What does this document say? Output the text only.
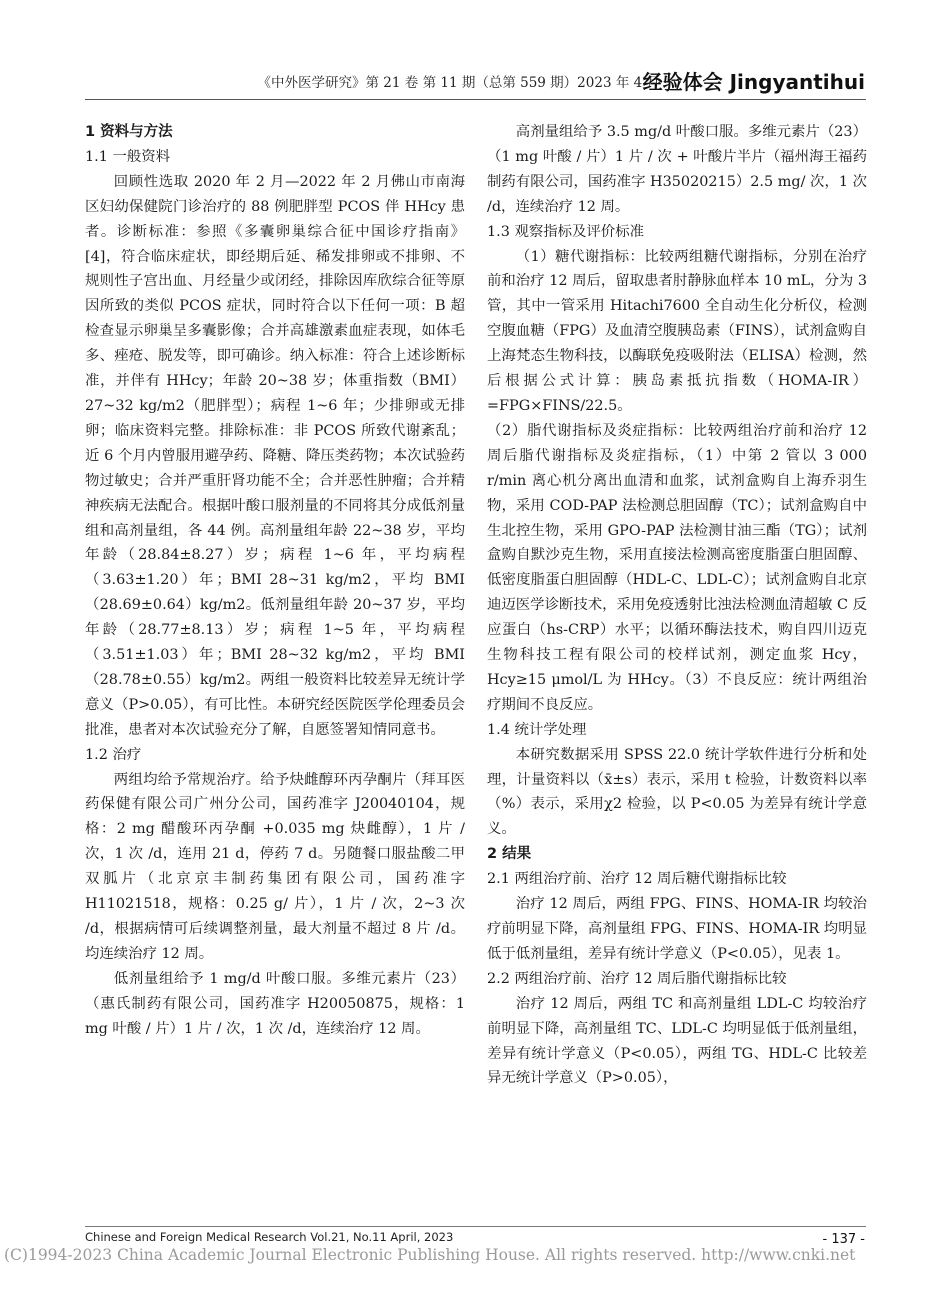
《中外医学研究》第 21 卷 第 11 期（总第 559 期）2023 年 4 月
经验体会 Jingyantihui

1 资料与方法

1.1 一般资料

回顾性选取 2020 年 2 月—2022 年 2 月佛山市南海区妇幼保健院门诊治疗的 88 例肥胖型 PCOS 伴 HHcy 患者。诊断标准：参照《多囊卵巢综合征中国诊疗指南》[4]，符合临床症状，即经期后延、稀发排卵或不排卵、不规则性子宫出血、月经量少或闭经，排除因库欣综合征等原因所致的类似 PCOS 症状，同时符合以下任何一项：B 超检查显示卵巢呈多囊影像；合并高雄激素血症表现，如体毛多、痤疮、脱发等，即可确诊。纳入标准：符合上述诊断标准，并伴有 HHcy；年龄 20~38 岁；体重指数（BMI）27~32 kg/m2（肥胖型）；病程 1~6 年；少排卵或无排卵；临床资料完整。排除标准：非 PCOS 所致代谢紊乱；近 6 个月内曾服用避孕药、降糖、降压类药物；本次试验药物过敏史；合并严重肝肾功能不全；合并恶性肿瘤；合并精神疾病无法配合。根据叶酸口服剂量的不同将其分成低剂量组和高剂量组，各 44 例。高剂量组年龄 22~38 岁，平均年龄（28.84±8.27）岁；病程 1~6 年，平均病程（3.63±1.20）年；BMI 28~31 kg/m2，平均 BMI（28.69±0.64）kg/m2。低剂量组年龄 20~37 岁，平均年龄（28.77±8.13）岁；病程 1~5 年，平均病程（3.51±1.03）年；BMI 28~32 kg/m2，平均 BMI（28.78±0.55）kg/m2。两组一般资料比较差异无统计学意义（P>0.05），有可比性。本研究经医院医学伦理委员会批准，患者对本次试验充分了解，自愿签署知情同意书。

1.2 治疗

两组均给予常规治疗。给予炔雌醇环丙孕酮片（拜耳医药保健有限公司广州分公司，国药准字 J20040104，规格：2 mg 醋酸环丙孕酮 +0.035 mg 炔雌醇），1 片 / 次，1 次 /d，连用 21 d，停药 7 d。另随餐口服盐酸二甲双胍片（北京京丰制药集团有限公司，国药准字 H11021518，规格：0.25 g/ 片），1 片 / 次，2~3 次 /d，根据病情可后续调整剂量，最大剂量不超过 8 片 /d。均连续治疗 12 周。

低剂量组给予 1 mg/d 叶酸口服。多维元素片（23）（惠氏制药有限公司，国药准字 H20050875，规格：1 mg 叶酸 / 片）1 片 / 次，1 次 /d，连续治疗 12 周。

高剂量组给予 3.5 mg/d 叶酸口服。多维元素片（23）（1 mg 叶酸 / 片）1 片 / 次 + 叶酸片半片（福州海王福药制药有限公司，国药准字 H35020215）2.5 mg/ 次，1 次 /d，连续治疗 12 周。

1.3 观察指标及评价标准

（1）糖代谢指标：比较两组糖代谢指标，分别在治疗前和治疗 12 周后，留取患者肘静脉血样本 10 mL，分为 3 管，其中一管采用 Hitachi7600 全自动生化分析仪，检测空腹血糖（FPG）及血清空腹胰岛素（FINS），试剂盒购自上海梵态生物科技，以酶联免疫吸附法（ELISA）检测，然后根据公式计算：胰岛素抵抗指数（HOMA-IR）=FPG×FINS/22.5。

（2）脂代谢指标及炎症指标：比较两组治疗前和治疗 12 周后脂代谢指标及炎症指标，（1）中第 2 管以 3 000 r/min 离心机分离出血清和血浆，试剂盒购自上海乔羽生物，采用 COD-PAP 法检测总胆固醇（TC）；试剂盒购自中生北控生物，采用 GPO-PAP 法检测甘油三酯（TG）；试剂盒购自默沙克生物，采用直接法检测高密度脂蛋白胆固醇、低密度脂蛋白胆固醇（HDL-C、LDL-C）；试剂盒购自北京迪迈医学诊断技术，采用免疫透射比浊法检测血清超敏 C 反应蛋白（hs-CRP）水平；以循环酶法技术，购自四川迈克生物科技工程有限公司的校样试剂，测定血浆 Hcy，Hcy≥15 μmol/L 为 HHcy。（3）不良反应：统计两组治疗期间不良反应。

1.4 统计学处理

本研究数据采用 SPSS 22.0 统计学软件进行分析和处理，计量资料以（x̄±s）表示，采用 t 检验，计数资料以率（%）表示，采用χ2 检验，以 P<0.05 为差异有统计学意义。

2 结果

2.1 两组治疗前、治疗 12 周后糖代谢指标比较

治疗 12 周后，两组 FPG、FINS、HOMA-IR 均较治疗前明显下降，高剂量组 FPG、FINS、HOMA-IR 均明显低于低剂量组，差异有统计学意义（P<0.05），见表 1。

2.2 两组治疗前、治疗 12 周后脂代谢指标比较

治疗 12 周后，两组 TC 和高剂量组 LDL-C 均较治疗前明显下降，高剂量组 TC、LDL-C 均明显低于低剂量组，差异有统计学意义（P<0.05），两组 TG、HDL-C 比较差异无统计学意义（P>0.05），

Chinese and Foreign Medical Research Vol.21, No.11 April, 2023	- 137 -
(C)1994-2023 China Academic Journal Electronic Publishing House. All rights reserved. http://www.cnki.net
